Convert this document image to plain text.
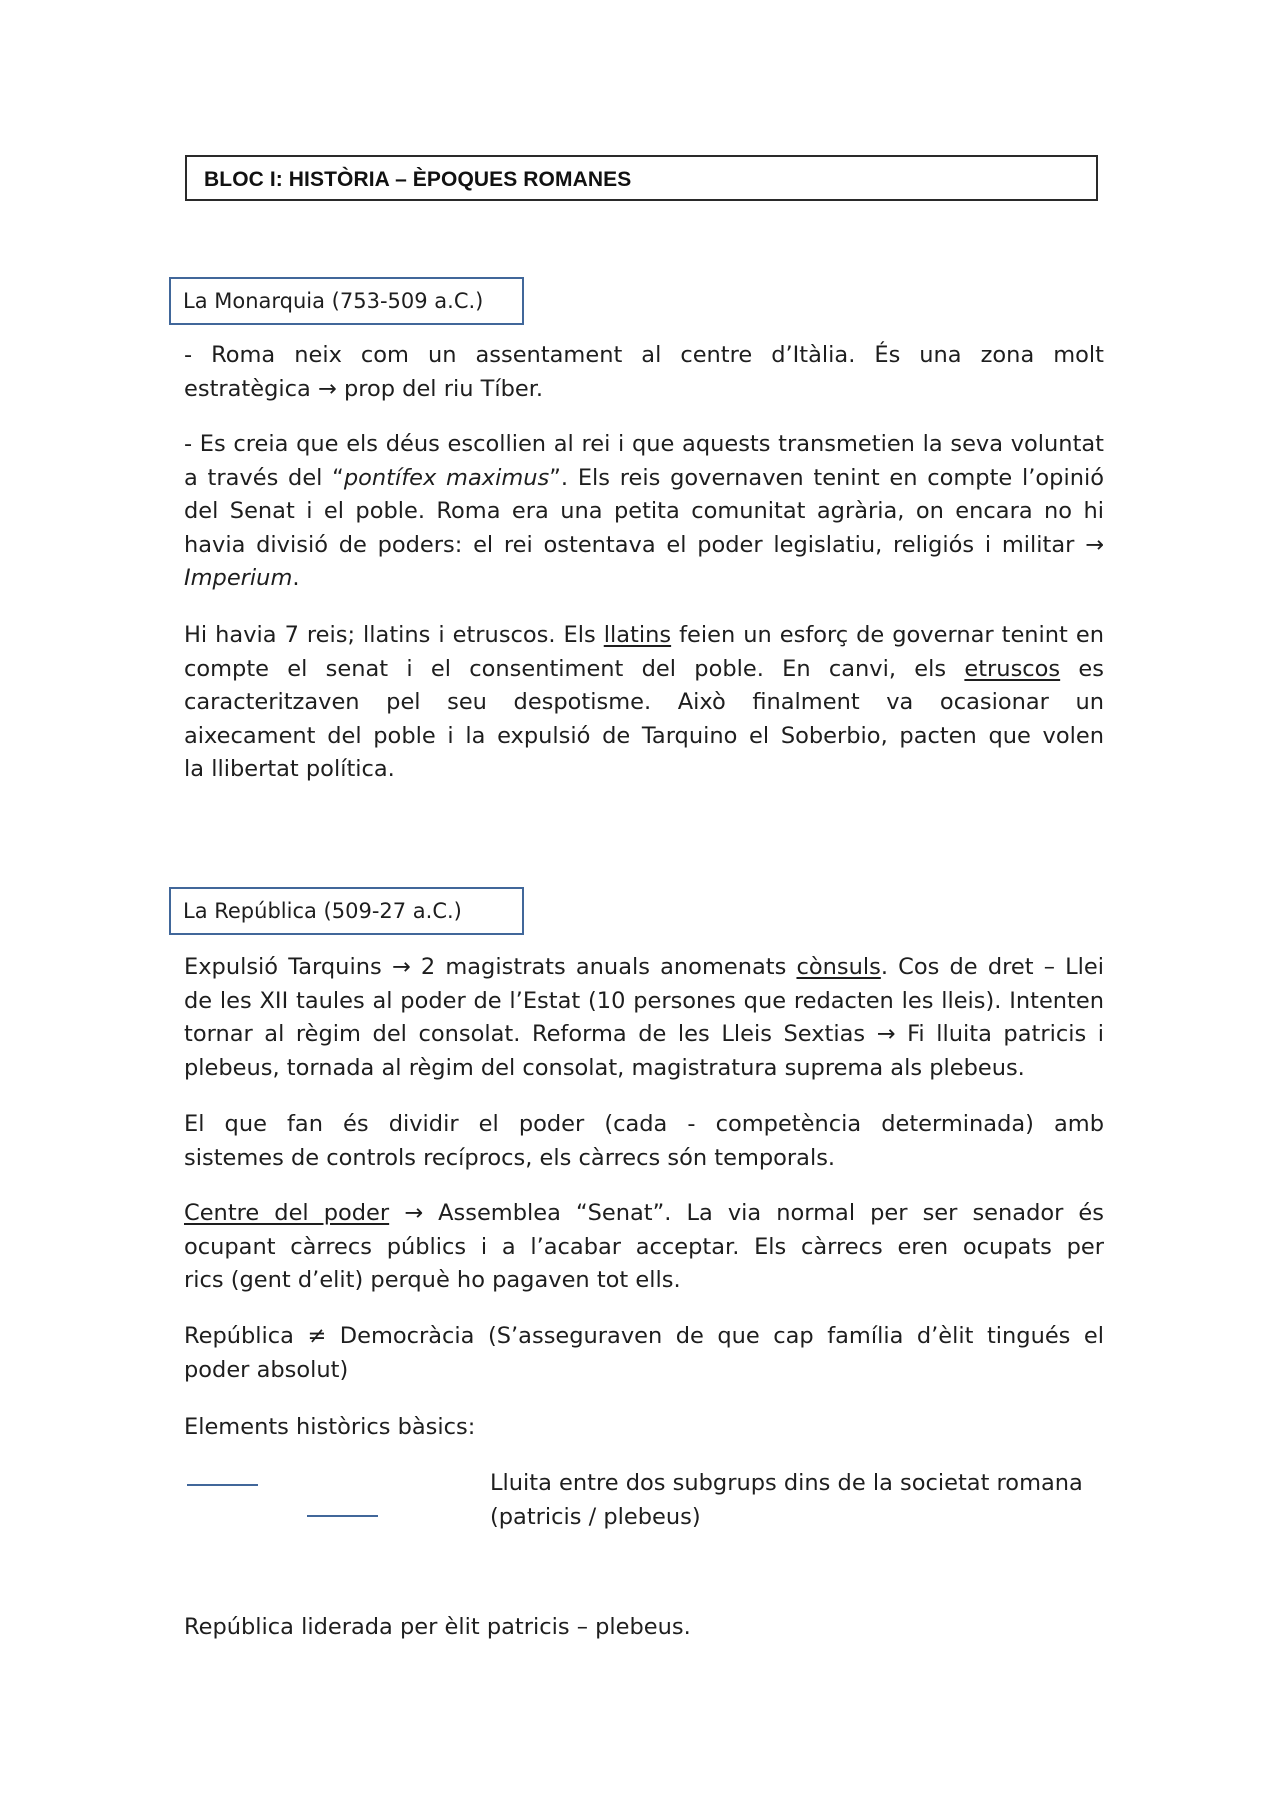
BLOC I: HISTÒRIA – ÈPOQUES ROMANES
La Monarquia (753-509 a.C.)
- Roma neix com un assentament al centre d’Itàlia. És una zona molt
estratègica → prop del riu Tíber.
- Es creia que els déus escollien al rei i que aquests transmetien la seva voluntat
a través del “pontífex maximus”. Els reis governaven tenint en compte l’opinió
del Senat i el poble. Roma era una petita comunitat agrària, on encara no hi
havia divisió de poders: el rei ostentava el poder legislatiu, religiós i militar →
Imperium.
Hi havia 7 reis; llatins i etruscos. Els llatins feien un esforç de governar tenint en
compte el senat i el consentiment del poble. En canvi, els etruscos es
caracteritzaven pel seu despotisme. Això finalment va ocasionar un
aixecament del poble i la expulsió de Tarquino el Soberbio, pacten que volen
la llibertat política.
La República (509-27 a.C.)
Expulsió Tarquins → 2 magistrats anuals anomenats cònsuls. Cos de dret – Llei
de les XII taules al poder de l’Estat (10 persones que redacten les lleis). Intenten
tornar al règim del consolat. Reforma de les Lleis Sextias → Fi lluita patricis i
plebeus, tornada al règim del consolat, magistratura suprema als plebeus.
El que fan és dividir el poder (cada - competència determinada) amb
sistemes de controls recíprocs, els càrrecs són temporals.
Centre del poder → Assemblea “Senat”. La via normal per ser senador és
ocupant càrrecs públics i a l’acabar acceptar. Els càrrecs eren ocupats per
rics (gent d’elit) perquè ho pagaven tot ells.
República ≠ Democràcia (S’asseguraven de que cap família d’èlit tingués el
poder absolut)
Elements històrics bàsics:
Lluita entre dos subgrups dins de la societat romana
(patricis / plebeus)
República liderada per èlit patricis – plebeus.
